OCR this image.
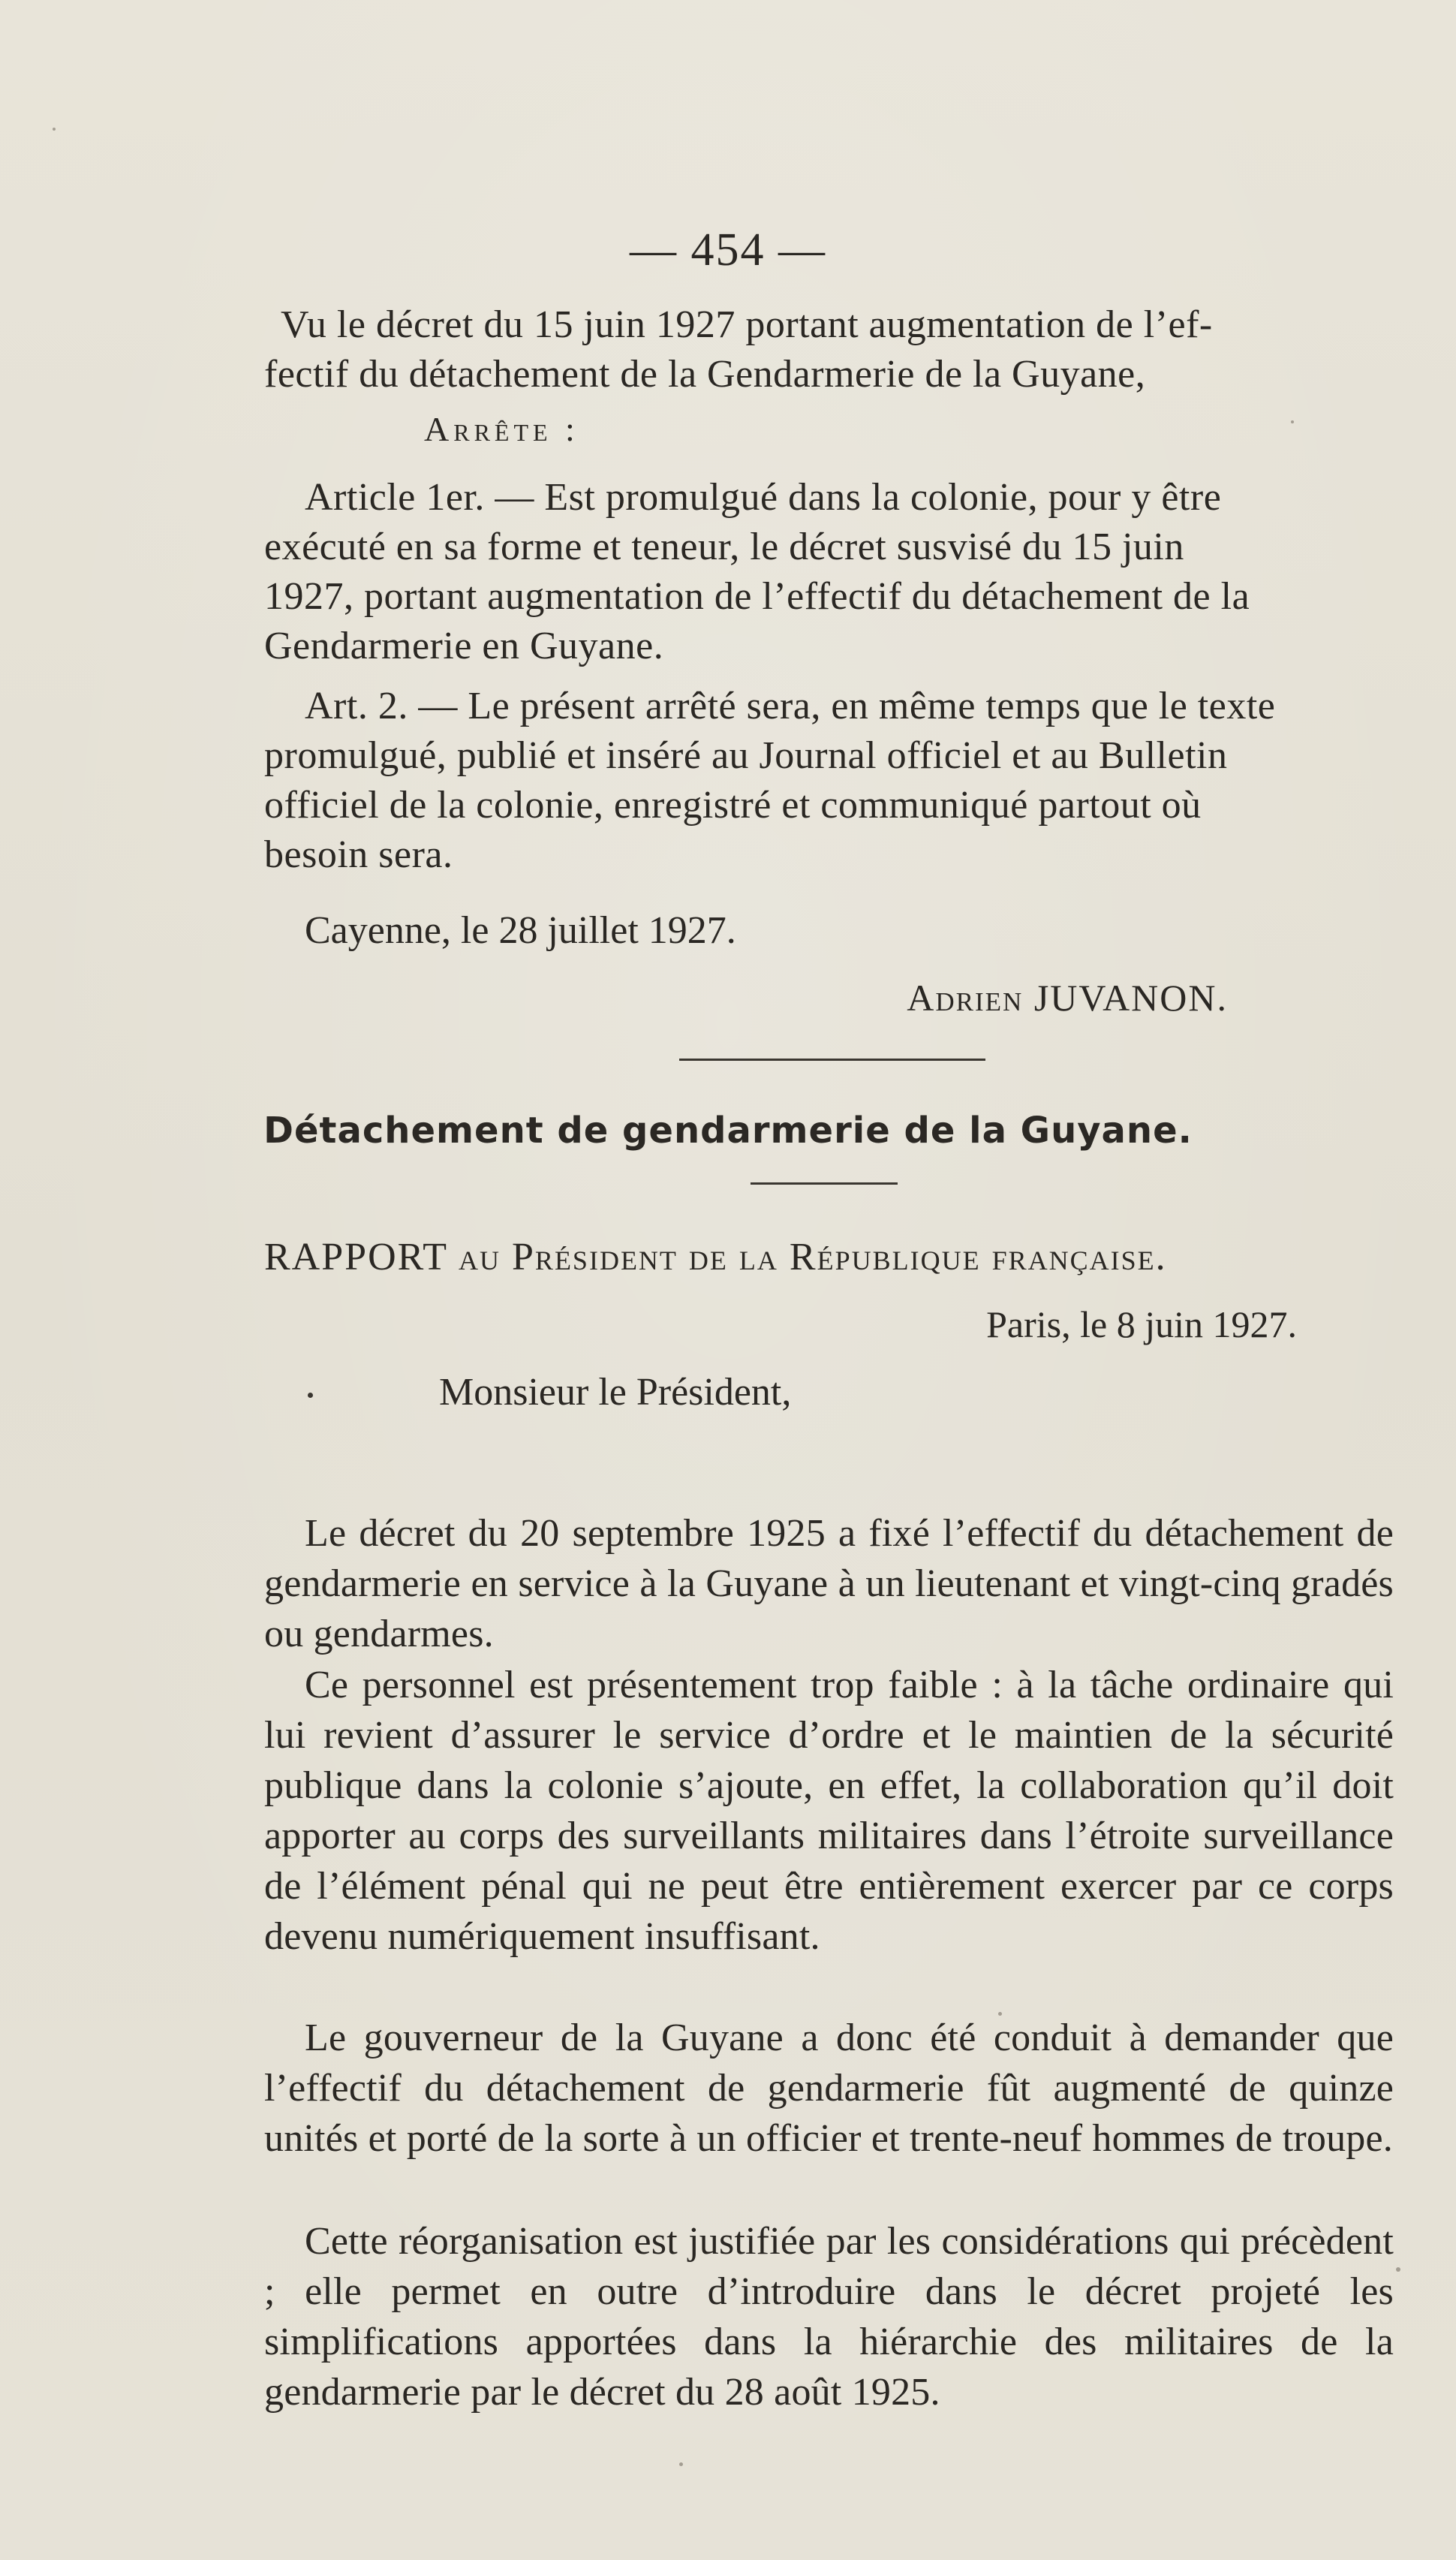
— 454 —
Vu le décret du 15 juin 1927 portant augmentation de l’ef-
fectif du détachement de la Gendarmerie de la Guyane,
Arrête :
Article 1er. — Est promulgué dans la colonie, pour y être
exécuté en sa forme et teneur, le décret susvisé du 15 juin
1927, portant augmentation de l’effectif du détachement de la
Gendarmerie en Guyane.
Art. 2. — Le présent arrêté sera, en même temps que le texte
promulgué, publié et inséré au Journal officiel et au Bulletin
officiel de la colonie, enregistré et communiqué partout où
besoin sera.
Cayenne, le 28 juillet 1927.
Adrien JUVANON.
Détachement de gendarmerie de la Guyane.
RAPPORT au Président de la République française.
Paris, le 8 juin 1927.
Monsieur le Président,

Le décret du 20 septembre 1925 a fixé l’effectif du détachement de gendarmerie en service à la Guyane à un lieutenant et vingt-cinq gradés ou gendarmes.

Ce personnel est présentement trop faible : à la tâche ordinaire qui lui revient d’assurer le service d’ordre et le maintien de la sécurité publique dans la colonie s’ajoute, en effet, la collaboration qu’il doit apporter au corps des surveillants militaires dans l’étroite surveillance de l’élément pénal qui ne peut être entièrement exercer par ce corps devenu numériquement insuffisant.

Le gouverneur de la Guyane a donc été conduit à demander que l’effectif du détachement de gendarmerie fût augmenté de quinze unités et porté de la sorte à un officier et trente-neuf hommes de troupe.

Cette réorganisation est justifiée par les considérations qui précèdent ; elle permet en outre d’introduire dans le décret projeté les simplifications apportées dans la hiérarchie des militaires de la gendarmerie par le décret du 28 août 1925.
